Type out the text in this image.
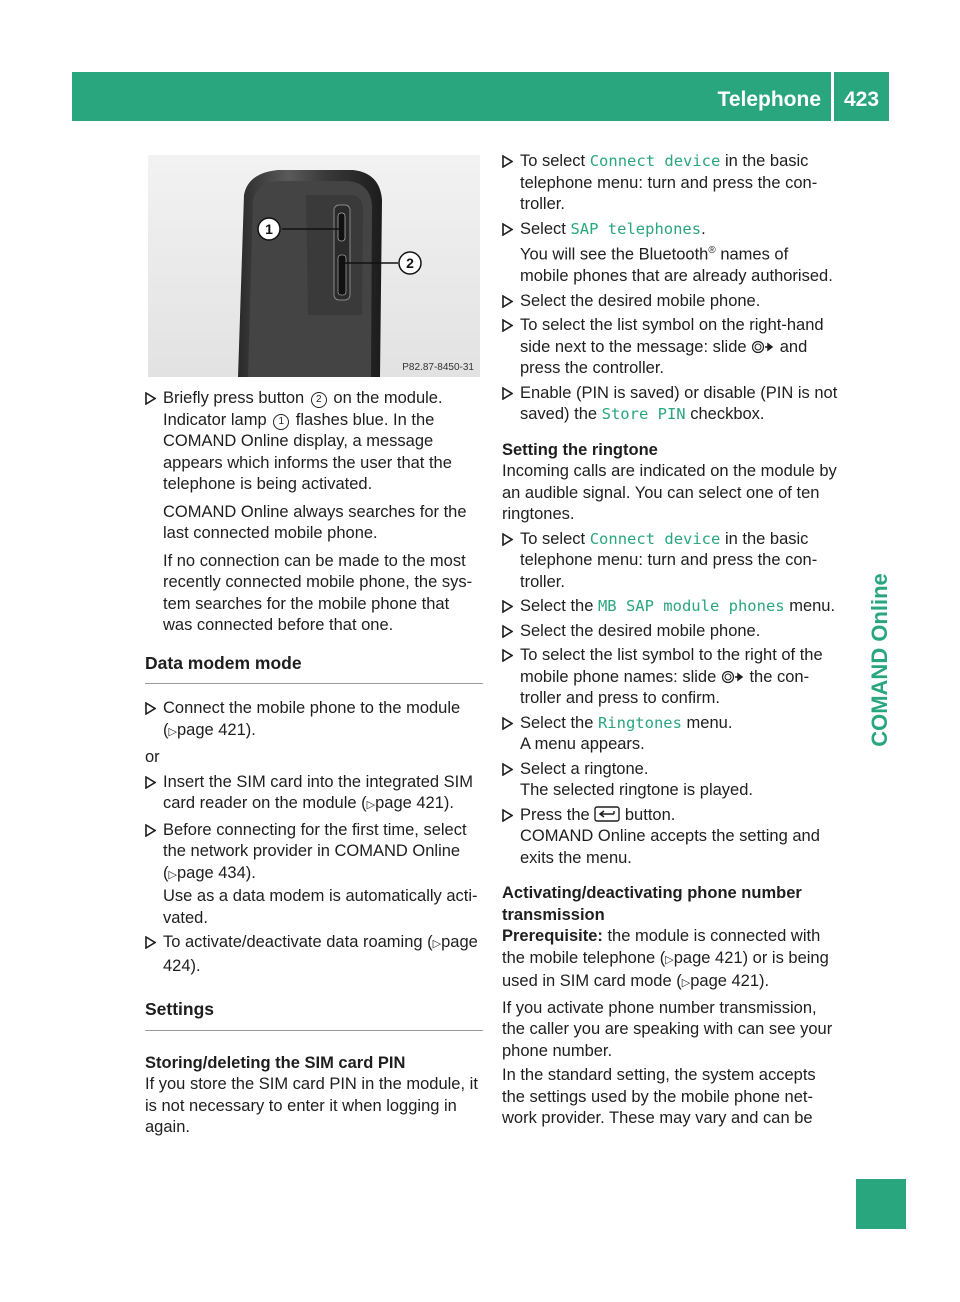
Telephone	423
COMAND Online
1
2
P82.87-8450-31
Briefly press button 2 on the module.
Indicator lamp 1 flashes blue. In the COMAND Online display, a message appears which informs the user that the telephone is being activated.
COMAND Online always searches for the last connected mobile phone.
If no connection can be made to the most recently connected mobile phone, the sys-tem searches for the mobile phone that was connected before that one.
Data modem mode
Connect the mobile phone to the module (▷page 421).
or
Insert the SIM card into the integrated SIM card reader on the module (▷page 421).
Before connecting for the first time, select the network provider in COMAND Online (▷page 434).
Use as a data modem is automatically acti-vated.
To activate/deactivate data roaming (▷page 424).
Settings
Storing/deleting the SIM card PIN
If you store the SIM card PIN in the module, it is not necessary to enter it when logging in again.
To select Connect device in the basic telephone menu: turn and press the con-troller.
Select SAP telephones.
You will see the Bluetooth® names of mobile phones that are already authorised.
Select the desired mobile phone.
To select the list symbol on the right-hand side next to the message: slide  and press the controller.
Enable (PIN is saved) or disable (PIN is not saved) the Store PIN checkbox.
Setting the ringtone
Incoming calls are indicated on the module by an audible signal. You can select one of ten ringtones.
To select Connect device in the basic telephone menu: turn and press the con-troller.
Select the MB SAP module phones menu.
Select the desired mobile phone.
To select the list symbol to the right of the mobile phone names: slide  the con-troller and press to confirm.
Select the Ringtones menu.
A menu appears.
Select a ringtone.
The selected ringtone is played.
Press the  button.
COMAND Online accepts the setting and exits the menu.
Activating/deactivating phone number transmission
Prerequisite: the module is connected with the mobile telephone (▷page 421) or is being used in SIM card mode (▷page 421).
If you activate phone number transmission, the caller you are speaking with can see your phone number.
In the standard setting, the system accepts the settings used by the mobile phone net-work provider. These may vary and can be
